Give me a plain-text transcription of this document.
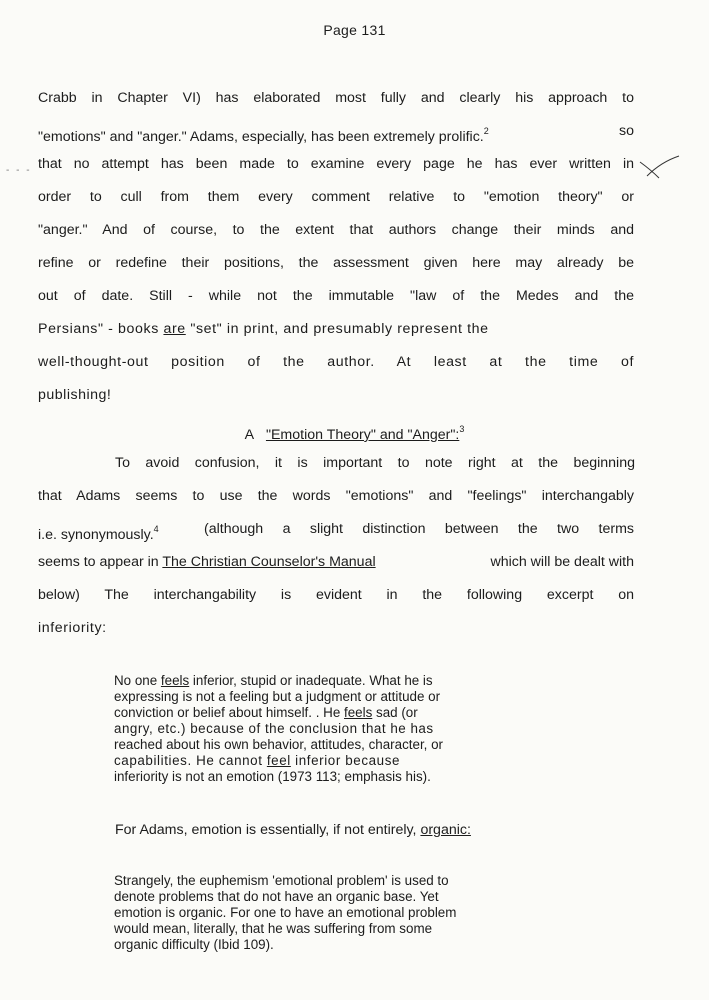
Page 131
Crabb in Chapter VI) has elaborated most fully and clearly his approach to
"emotions" and "anger." Adams, especially, has been extremely prolific.$^2$	so
that no attempt has been made to examine every page he has ever written in
order to cull from them every comment relative to "emotion theory" or
"anger." And of course, to the extent that authors change their minds and
refine or redefine their positions, the assessment given here may already be
out of date. Still - while not the immutable "law of the Medes and the
Persians" - books are "set" in print, and presumably represent the
well-thought-out position of the author. At least at the time of
publishing!
A "Emotion Theory" and "Anger":$^3$
To avoid confusion, it is important to note right at the beginning
that Adams seems to use the words "emotions" and "feelings" interchangably
i.e. synonymously.$^4$	(although a slight distinction between the two terms
seems to appear in The Christian Counselor's Manual	which will be dealt with
below) The interchangability is evident in the following excerpt on
inferiority:
No one feels inferior, stupid or inadequate. What he is
expressing is not a feeling but a judgment or attitude or
conviction or belief about himself. . He feels sad (or
angry, etc.) because of the conclusion that he has
reached about his own behavior, attitudes, character, or
capabilities. He cannot feel inferior because
inferiority is not an emotion (1973 113; emphasis his).
For Adams, emotion is essentially, if not entirely, organic:
Strangely, the euphemism 'emotional problem' is used to
denote problems that do not have an organic base. Yet
emotion is organic. For one to have an emotional problem
would mean, literally, that he was suffering from some
organic difficulty (Ibid 109).
- - -
